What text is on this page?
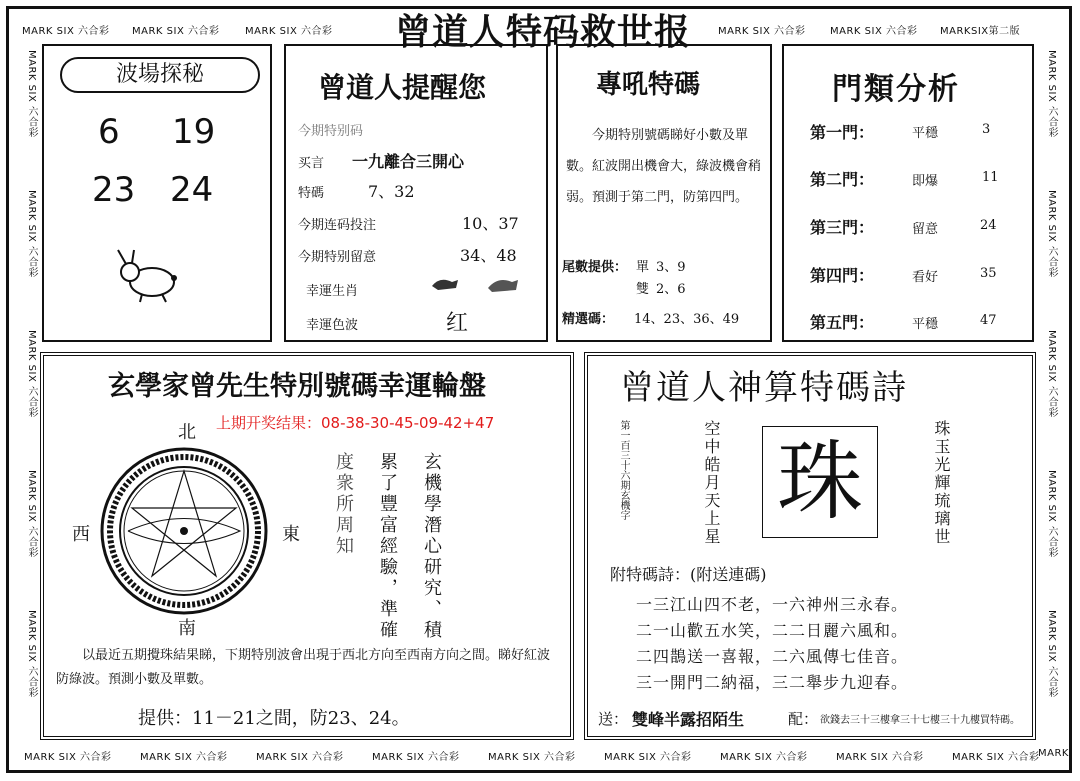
MARK SIX 六合彩 MARK SIX 六合彩	MARK SIX 六合彩	MARK SIX 六合彩 MARK SIX 六合彩 MARKSIX第二版
曾道人特码救世报
MARK SIX 六合彩
MARK SIX 六合彩
MARK SIX 六合彩
MARK SIX 六合彩
MARK SIX 六合彩
MARK SIX 六合彩
MARK SIX 六合彩
MARK SIX 六合彩
MARK SIX 六合彩
MARK SIX 六合彩
MARK SIX 六合彩	MARK SIX 六合彩	MARK SIX 六合彩	MARK SIX 六合彩	MARK SIX 六合彩	MARK SIX 六合彩	MARK SIX 六合彩	MARK SIX 六合彩	MARK SIX 六合彩
MARK
波場探秘
6 19
23 24
曾道人提醒您
今期特别码
买言 一九離合三開心
特碼	7、32
今期连码投注	10、37
今期特别留意	34、48
幸運生肖
幸運色波	红
專吼特碼
今期特別號碼睇好小數及單數。紅波開出機會大，綠波機會稍弱。預測于第二門，防第四門。
尾數提供： 單 3、9
雙 2、6
精選碼： 14、23、36、49
門類分析
第一門：	平穩	3
第二門：	即爆	11
第三門：	留意	24
第四門：	看好	35
第五門：	平穩	47
玄學家曾先生特別號碼幸運輪盤
上期开奖结果：08-38-30-45-09-42+47
北
南
東
西	玄機學潛心研究、積
累了豐富經驗，準確
度衆所周知
以最近五期攪珠結果睇，下期特別波會出現于西北方向至西南方向之間。睇好紅波防綠波。預測小數及單數。
提供：11－21之間，防23、24。
曾道人神算特碼詩
第一百三十六期玄機字	空中皓月天上星 珠	珠玉光輝琉璃世
附特碼詩：(附送連碼)
一三江山四不老，一六神州三永春。
二一山歡五水笑，二二日麗六風和。
二四鵲送一喜報，二六風傳七佳音。
三一開門二納福，三二舉步九迎春。
送： 雙峰半露招陌生	配： 欲錢去三十三樓拿三十七樓三十九樓買特碼。
